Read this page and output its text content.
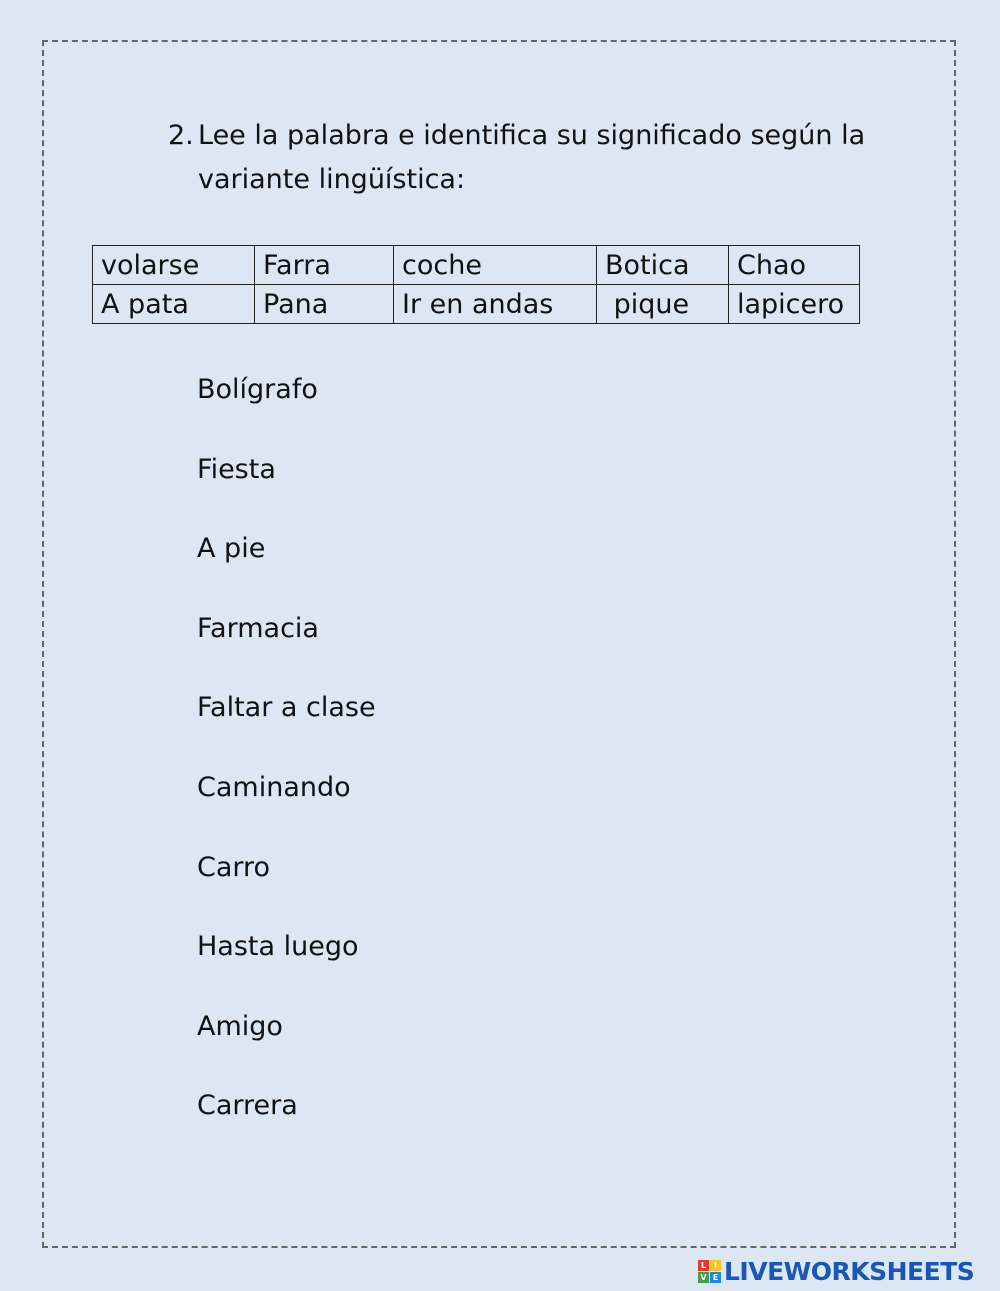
2. Lee la palabra e identifica su significado según la variante lingüística:
volarse	Farra	coche	Botica	Chao
A pata	Pana	Ir en andas	pique	lapicero
Bolígrafo
Fiesta
A pie
Farmacia
Faltar a clase
Caminando
Carro
Hasta luego
Amigo
Carrera
L I
V E LIVEWORKSHEETS
